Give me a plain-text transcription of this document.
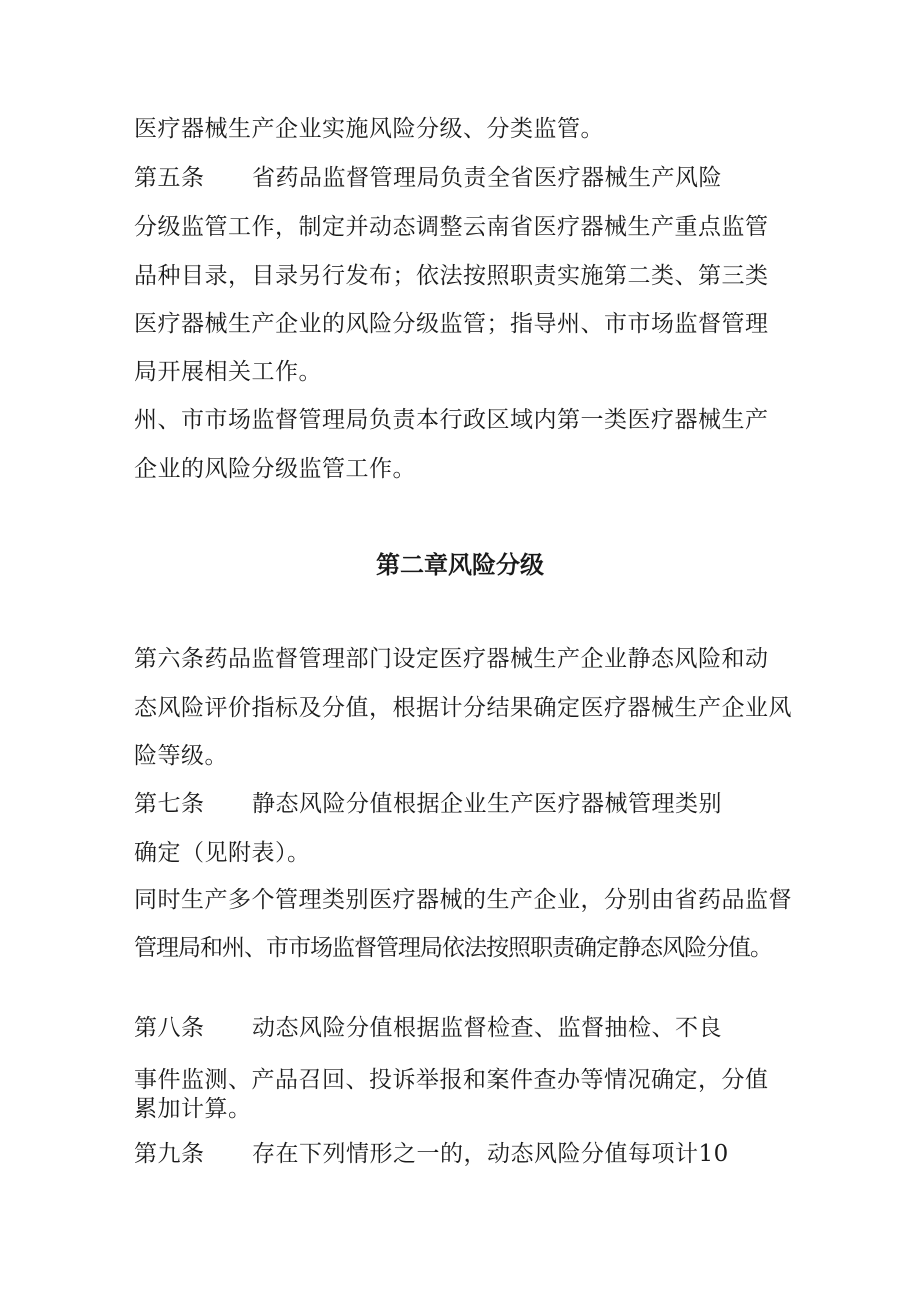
医疗器械生产企业实施风险分级、分类监管。

第五条 省药品监督管理局负责全省医疗器械生产风险

分级监管工作，制定并动态调整云南省医疗器械生产重点监管

品种目录，目录另行发布；依法按照职责实施第二类、第三类

医疗器械生产企业的风险分级监管；指导州、市市场监督管理

局开展相关工作。

州、市市场监督管理局负责本行政区域内第一类医疗器械生产

企业的风险分级监管工作。

第二章风险分级

第六条药品监督管理部门设定医疗器械生产企业静态风险和动

态风险评价指标及分值，根据计分结果确定医疗器械生产企业风

险等级。

第七条 静态风险分值根据企业生产医疗器械管理类别

确定（见附表）。

同时生产多个管理类别医疗器械的生产企业，分别由省药品监督

管理局和州、市市场监督管理局依法按照职责确定静态风险分值。

第八条 动态风险分值根据监督检查、监督抽检、不良

事件监测、产品召回、投诉举报和案件查办等情况确定，分值

累加计算。

第九条 存在下列情形之一的，动态风险分值每项计10
